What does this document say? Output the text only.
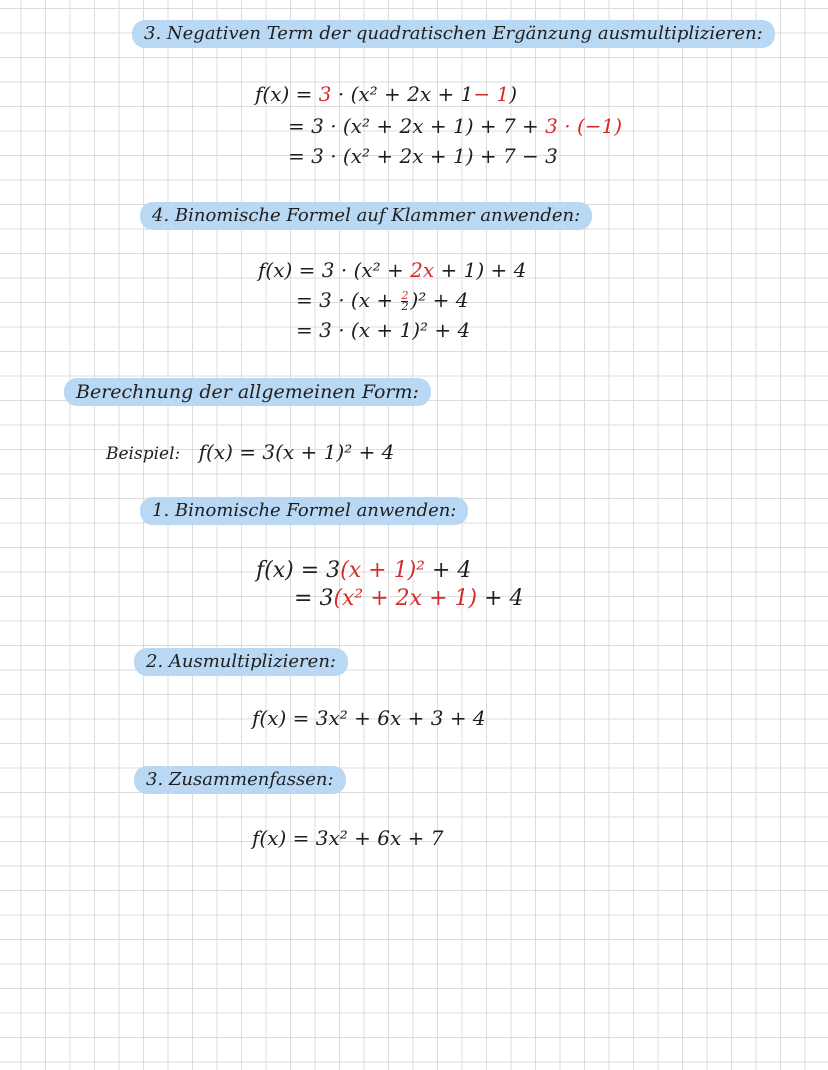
3. Negativen Term der quadratischen Ergänzung ausmultiplizieren:
f(x) = 3 · (x² + 2x + 1− 1)
= 3 · (x² + 2x + 1) + 7 + 3 · (−1)
= 3 · (x² + 2x + 1) + 7 − 3
4. Binomische Formel auf Klammer anwenden:
f(x) = 3 · (x² + 2x + 1) + 4
= $3 \cdot (x + \frac{2}{2} )^2 + 4$
= 3 · (x + 1)² + 4
Berechnung der allgemeinen Form:
Beispiel: f(x) = 3(x + 1)² + 4
1. Binomische Formel anwenden:
f(x) = 3(x + 1)² + 4
= 3(x² + 2x + 1) + 4
2. Ausmultiplizieren:
f(x) = 3x² + 6x + 3 + 4
3. Zusammenfassen:
f(x) = 3x² + 6x + 7
